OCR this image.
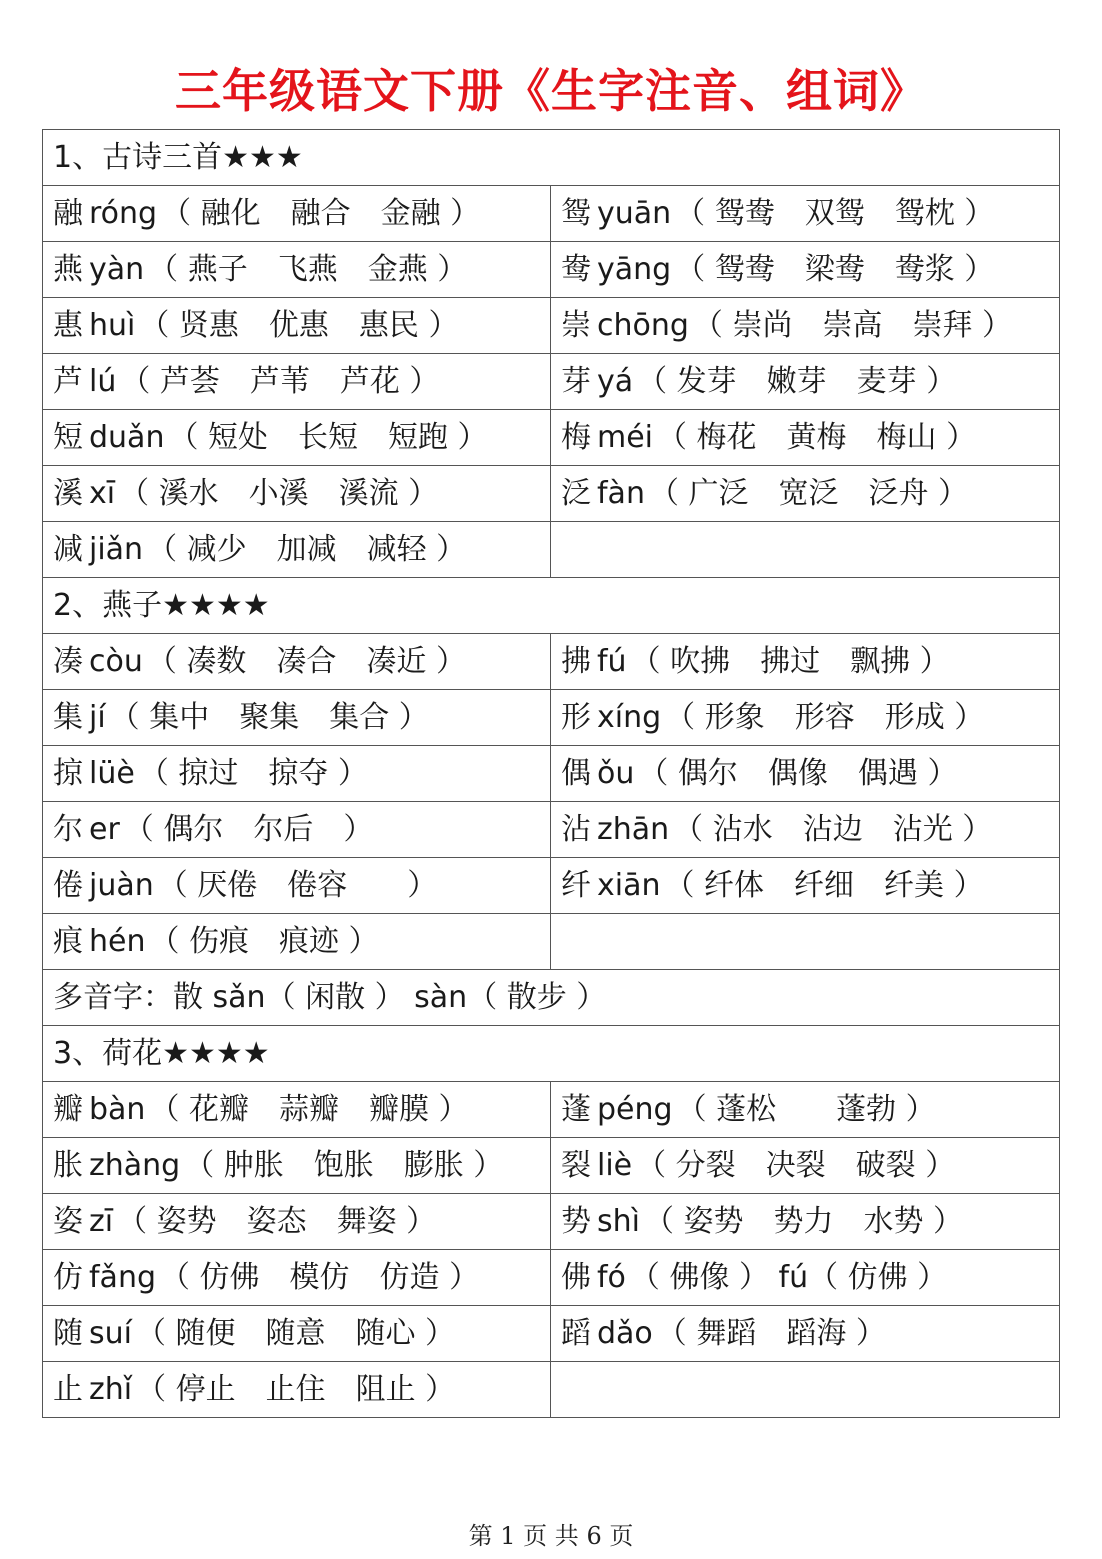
三年级语文下册《生字注音、组词》
1、古诗三首★★★	
融 róng （ 融化　融合　金融 ）	鸳 yuān （ 鸳鸯　双鸳　鸳枕 ）
燕 yàn （ 燕子　飞燕　金燕 ）	鸯 yāng （ 鸳鸯　梁鸯　鸯浆 ）
惠 huì （ 贤惠　优惠　惠民 ）	崇 chōng （ 崇尚　崇高　崇拜 ）
芦 lú （ 芦荟　芦苇　芦花 ）	芽 yá （ 发芽　嫩芽　麦芽 ）
短 duǎn （ 短处　长短　短跑 ）	梅 méi （ 梅花　黄梅　梅山 ）
溪 xī （ 溪水　小溪　溪流 ）	泛 fàn （ 广泛　宽泛　泛舟 ）
减 jiǎn （ 减少　加减　减轻 ）	
2、燕子★★★★	
凑 còu （ 凑数　凑合　凑近 ）	拂 fú （ 吹拂　拂过　飘拂 ）
集 jí （ 集中　聚集　集合 ）	形 xíng （ 形象　形容　形成 ）
掠 lüè （ 掠过　掠夺 ）	偶 ǒu （ 偶尔　偶像　偶遇 ）
尔 er （ 偶尔　尔后　）	沾 zhān （ 沾水　沾边　沾光 ）
倦 juàn （ 厌倦　倦容　　）	纤 xiān （ 纤体　纤细　纤美 ）
痕 hén （ 伤痕　痕迹 ）	
多音字：散 sǎn（ 闲散 ） sàn（ 散步 ）	
3、荷花★★★★	
瓣 bàn （ 花瓣　蒜瓣　瓣膜 ）	蓬 péng （ 蓬松　　蓬勃 ）
胀 zhàng （ 肿胀　饱胀　膨胀 ）	裂 liè （ 分裂　决裂　破裂 ）
姿 zī （ 姿势　姿态　舞姿 ）	势 shì （ 姿势　势力　水势 ）
仿 fǎng （ 仿佛　模仿　仿造 ）	佛 fó （ 佛像 ） fú（ 仿佛 ）
随 suí （ 随便　随意　随心 ）	蹈 dǎo （ 舞蹈　蹈海 ）
止 zhǐ （ 停止　止住　阻止 ）	
第 1 页 共 6 页
